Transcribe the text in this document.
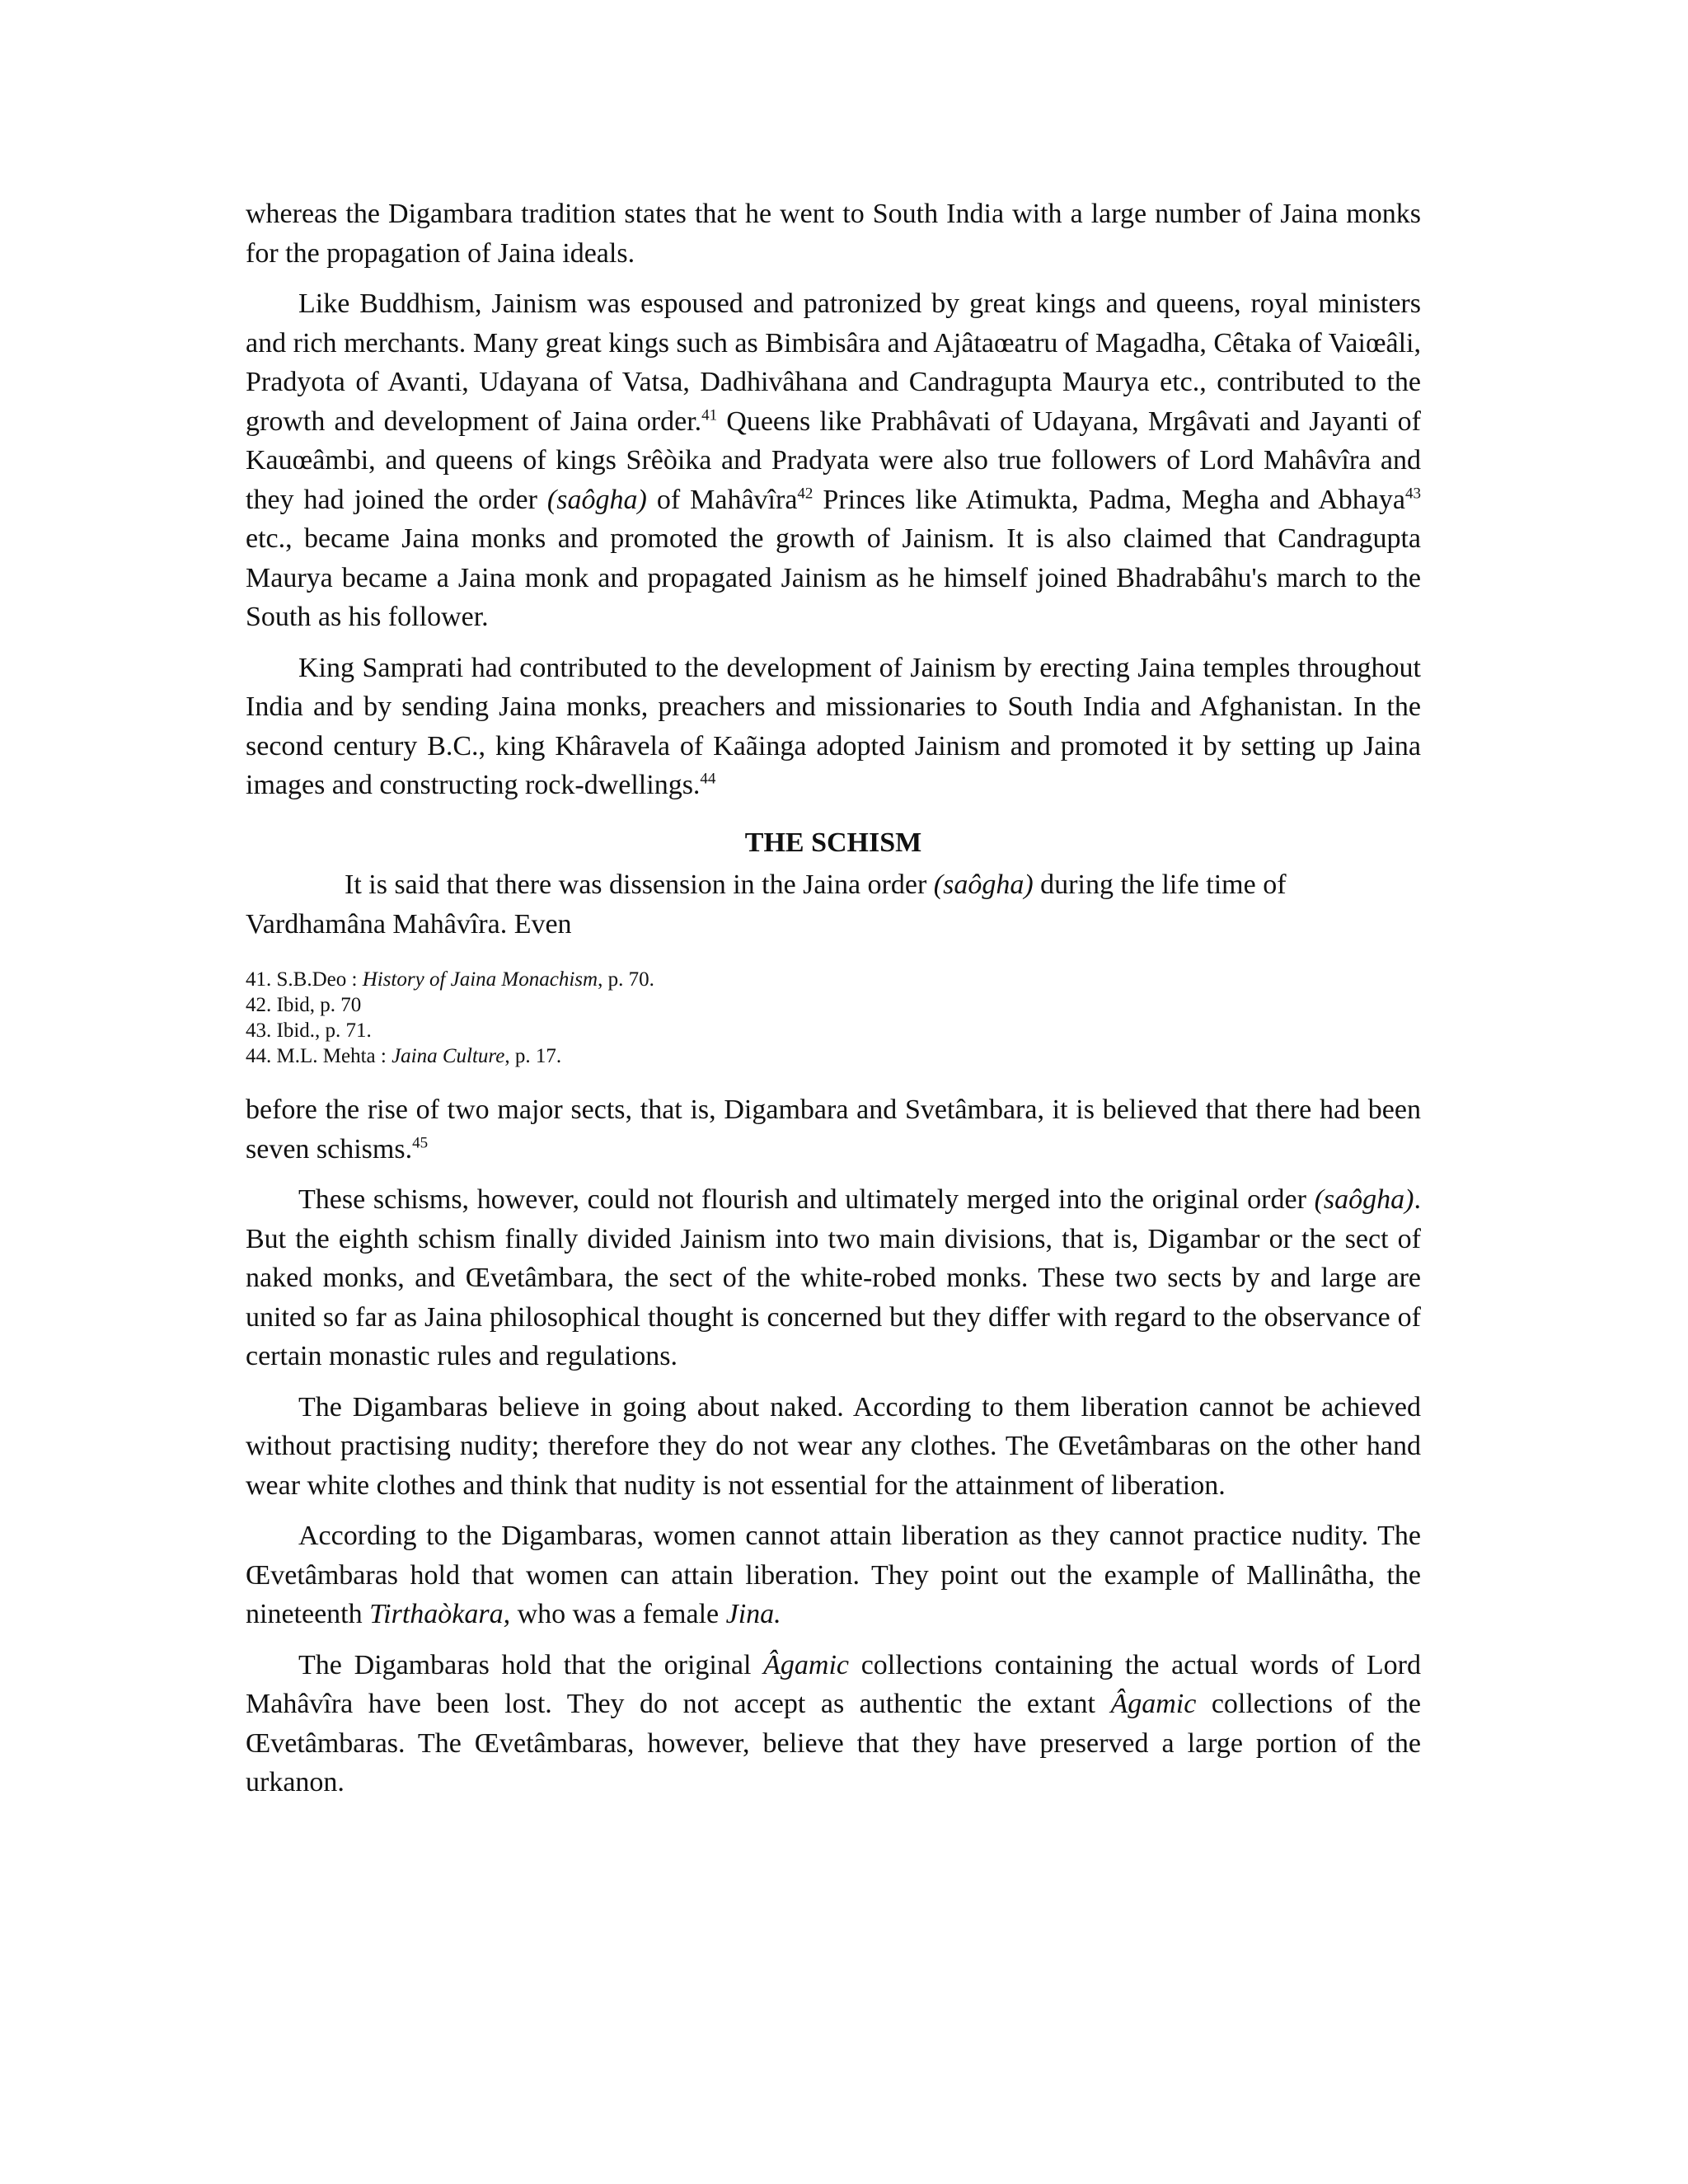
whereas the Digambara tradition states that he went to South India with a large number of Jaina monks for the propagation of Jaina ideals.

Like Buddhism, Jainism was espoused and patronized by great kings and queens, royal ministers and rich merchants. Many great kings such as Bimbisâra and Ajâtaœatru of Magadha, Cêtaka of Vaiœâli, Pradyota of Avanti, Udayana of Vatsa, Dadhivâhana and Candragupta Maurya etc., contributed to the growth and development of Jaina order.$^{41}$ Queens like Prabhâvati of Udayana, Mrgâvati and Jayanti of Kauœâmbi, and queens of kings Srêòika and Pradyata were also true followers of Lord Mahâvîra and they had joined the order (saôgha) of Mahâvîra$^{42}$ Princes like Atimukta, Padma, Megha and Abhaya$^{43}$ etc., became Jaina monks and promoted the growth of Jainism. It is also claimed that Candragupta Maurya became a Jaina monk and propagated Jainism as he himself joined Bhadrabâhu's march to the South as his follower.

King Samprati had contributed to the development of Jainism by erecting Jaina temples throughout India and by sending Jaina monks, preachers and missionaries to South India and Afghanistan. In the second century B.C., king Khâravela of Kaãinga adopted Jainism and promoted it by setting up Jaina images and constructing rock-dwellings.$^{44}$

THE SCHISM

It is said that there was dissension in the Jaina order (saôgha) during the life time of Vardhamâna Mahâvîra. Even

41. S.B.Deo : History of Jaina Monachism, p. 70.
42. Ibid, p. 70
43. Ibid., p. 71.
44. M.L. Mehta : Jaina Culture, p. 17.

before the rise of two major sects, that is, Digambara and Svetâmbara, it is believed that there had been seven schisms.$^{45}$

These schisms, however, could not flourish and ultimately merged into the original order (saôgha). But the eighth schism finally divided Jainism into two main divisions, that is, Digambar or the sect of naked monks, and Œvetâmbara, the sect of the white-robed monks. These two sects by and large are united so far as Jaina philosophical thought is concerned but they differ with regard to the observance of certain monastic rules and regulations.

The Digambaras believe in going about naked. According to them liberation cannot be achieved without practising nudity; therefore they do not wear any clothes. The Œvetâmbaras on the other hand wear white clothes and think that nudity is not essential for the attainment of liberation.

According to the Digambaras, women cannot attain liberation as they cannot practice nudity. The Œvetâmbaras hold that women can attain liberation. They point out the example of Mallinâtha, the nineteenth Tirthaòkara, who was a female Jina.

The Digambaras hold that the original Âgamic collections containing the actual words of Lord Mahâvîra have been lost. They do not accept as authentic the extant Âgamic collections of the Œvetâmbaras. The Œvetâmbaras, however, believe that they have preserved a large portion of the urkanon.
